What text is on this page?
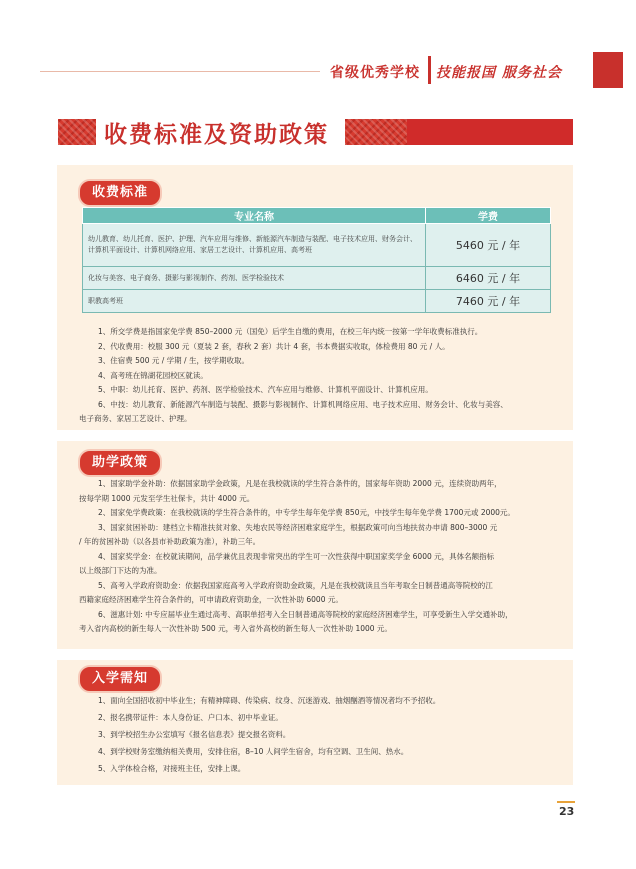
省级优秀学校 技能报国 服务社会
收费标准及资助政策
收费标准
专业名称	学费
幼儿教育、幼儿托育、医护、护理、汽车应用与维修、新能源汽车制造与装配、电子技术应用、财务会计、计算机平面设计、计算机网络应用、家居工艺设计、计算机应用、高考班	5460 元 / 年
化妆与美容、电子商务、摄影与影视制作、药剂、医学检验技术	6460 元 / 年
职教高考班	7460 元 / 年

1、所交学费是指国家免学费 850–2000 元（国免）后学生自缴的费用，在校三年内统一按第一学年收费标准执行。

2、代收费用：校服 300 元（夏装 2 套，春秋 2 套）共计 4 套，书本费据实收取，体检费用 80 元 / 人。

3、住宿费 500 元 / 学期 / 生，按学期收取。

4、高考班在锦湖花园校区就读。

5、中职：幼儿托育、医护、药剂、医学检验技术、汽车应用与维修、计算机平面设计、计算机应用。

6、中技：幼儿教育、新能源汽车制造与装配、摄影与影视制作、计算机网络应用、电子技术应用、财务会计、化妆与美容、

电子商务、家居工艺设计、护理。

助学政策

1、国家助学金补助：依据国家助学金政策，凡是在我校就读的学生符合条件的，国家每年资助 2000 元，连续资助两年，

按每学期 1000 元发至学生社保卡，共计 4000 元。

2、国家免学费政策：在我校就读的学生符合条件的，中专学生每年免学费 850元，中技学生每年免学费 1700元或 2000元。

3、国家贫困补助：建档立卡精准扶贫对象、失地农民等经济困难家庭学生，根据政策可向当地扶贫办申请 800–3000 元

/ 年的贫困补助（以各县市补助政策为准），补助三年。

4、国家奖学金：在校就读期间，品学兼优且表现非常突出的学生可一次性获得中职国家奖学金 6000 元，具体名额指标

以上级部门下达的为准。

5、高考入学政府资助金：依据我国家庭高考入学政府资助金政策，凡是在我校就读且当年考取全日制普通高等院校的江

西籍家庭经济困难学生符合条件的，可申请政府资助金，一次性补助 6000 元。

6、滋惠计划: 中专应届毕业生通过高考、高职单招考入全日制普通高等院校的家庭经济困难学生，可享受新生入学交通补助，

考入省内高校的新生每人一次性补助 500 元，考入省外高校的新生每人一次性补助 1000 元。

入学需知

1、面向全国招收初中毕业生；有精神障碍、传染病、纹身、沉迷游戏、抽烟酗酒等情况者均不予招收。

2、报名携带证件：本人身份证、户口本、初中毕业证。

3、到学校招生办公室填写《报名信息表》提交报名资料。

4、到学校财务室缴纳相关费用，安排住宿，8–10 人间学生宿舍，均有空调、卫生间、热水。

5、入学体检合格，对接班主任，安排上课。

23
